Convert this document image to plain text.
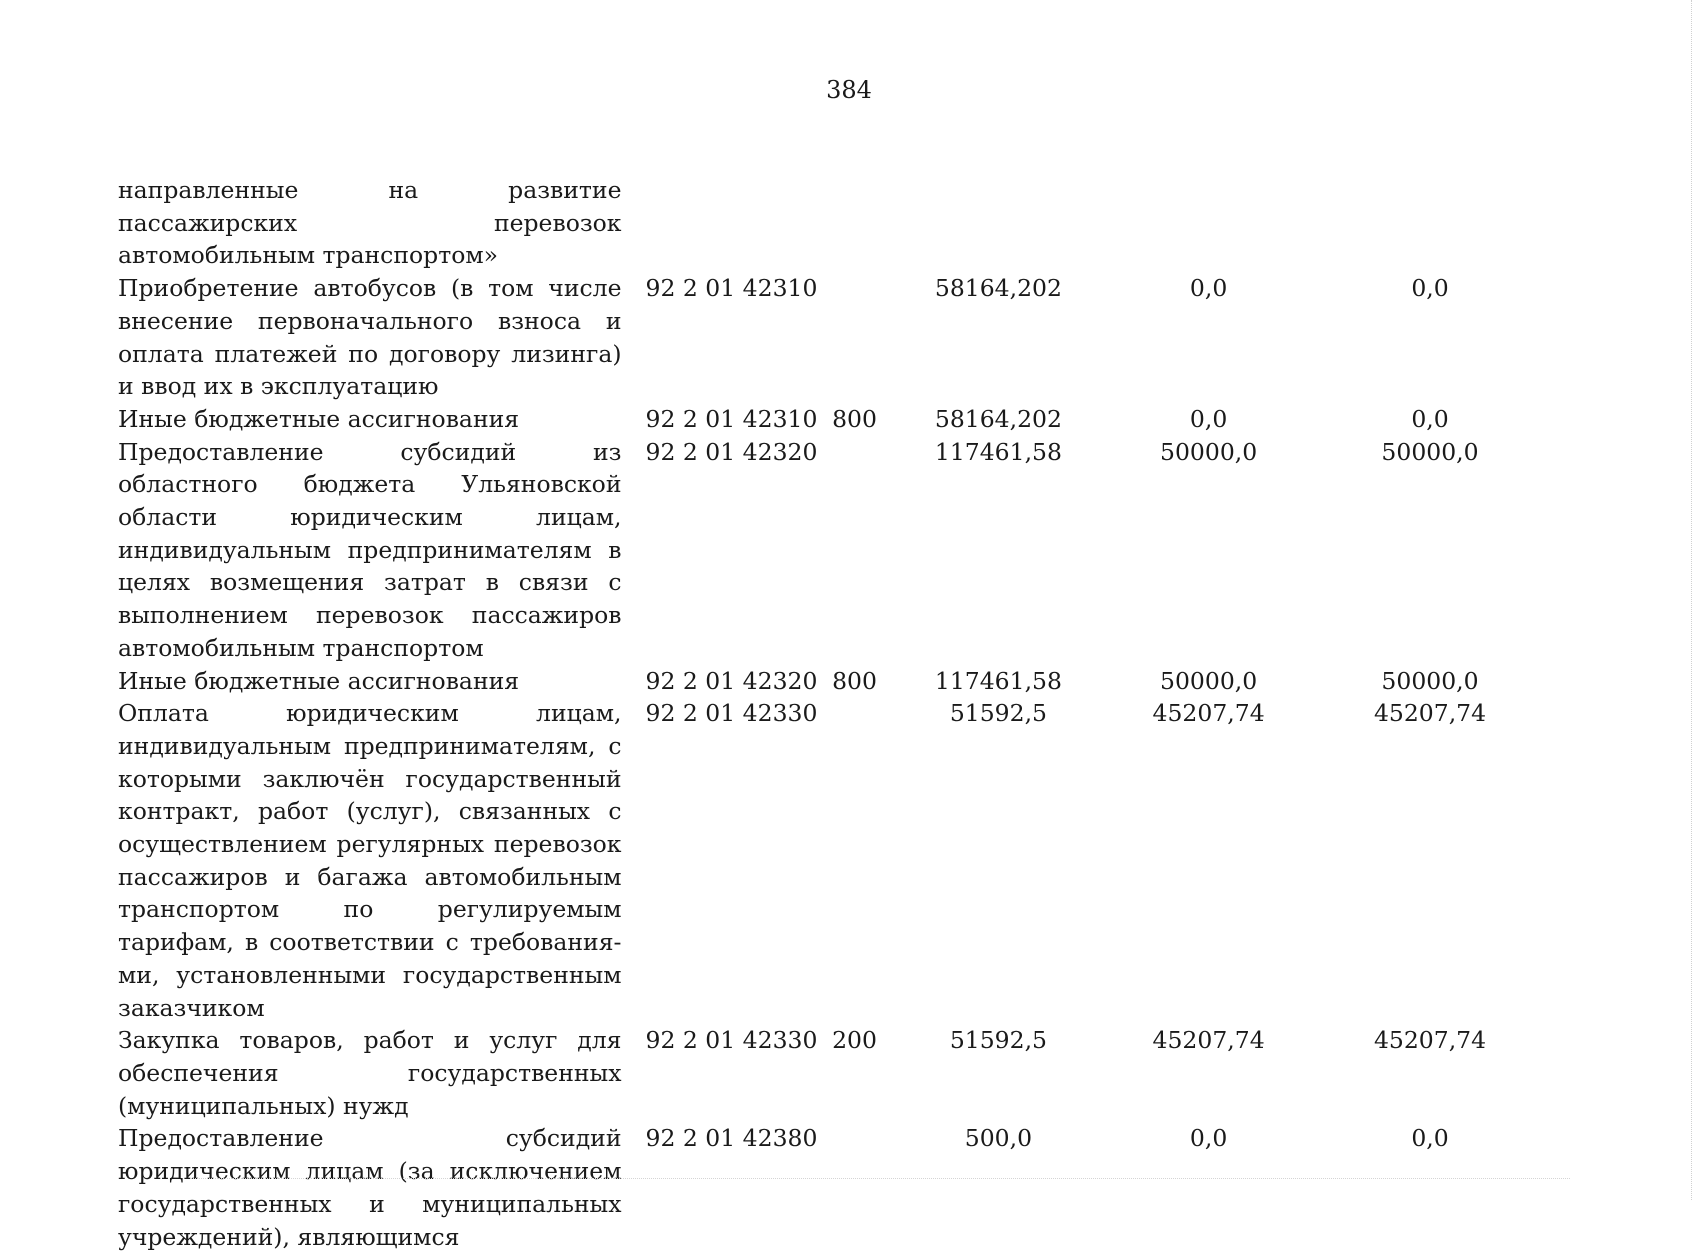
384
направленные на развитие пассажирских перевозок автомобильным транспортом»					
Приобретение автобусов (в том числе внесение первоначального взноса и оплата платежей по договору лизинга) и ввод их в эксплуатацию	92 2 01 42310		58164,202	0,0	0,0
Иные бюджетные ассигнования	92 2 01 42310	800	58164,202	0,0	0,0
Предоставление субсидий из областного бюджета Ульяновской области юридическим лицам, индивидуальным предпринимателям в целях возмещения затрат в связи с выполнением перевозок пассажиров автомобильным транспортом	92 2 01 42320		117461,58	50000,0	50000,0
Иные бюджетные ассигнования	92 2 01 42320	800	117461,58	50000,0	50000,0
Оплата юридическим лицам, индивидуальным предпринимателям, с которыми заключён государственный контракт, работ (услуг), связанных с осуществлением регулярных перевозок пассажиров и багажа автомобильным транспортом по регулируемым тарифам, в соответствии с требованиями, установленными государственным заказчиком	92 2 01 42330		51592,5	45207,74	45207,74
Закупка товаров, работ и услуг для обеспечения государственных (муниципальных) нужд	92 2 01 42330	200	51592,5	45207,74	45207,74
Предоставление субсидий юридическим лицам (за исключением государственных и муниципальных учреждений), являющимся	92 2 01 42380		500,0	0,0	0,0
